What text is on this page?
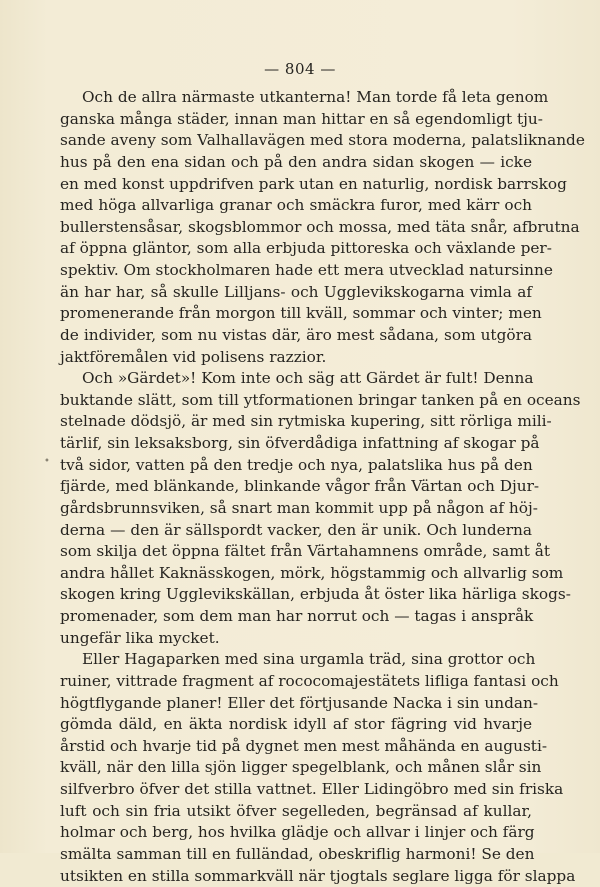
— 804 —
•
Och de allra närmaste utkanterna! Man torde få leta genom
ganska många städer, innan man hittar en så egendomligt tju-
sande aveny som Valhallavägen med stora moderna, palatsliknande
hus på den ena sidan och på den andra sidan skogen — icke
en med konst uppdrifven park utan en naturlig, nordisk barrskog
med höga allvarliga granar och smäckra furor, med kärr och
bullerstensåsar, skogsblommor och mossa, med täta snår, afbrutna
af öppna gläntor, som alla erbjuda pittoreska och växlande per-
spektiv. Om stockholmaren hade ett mera utvecklad natursinne
än har har, så skulle Lilljans- och Ugglevikskogarna vimla af
promenerande från morgon till kväll, sommar och vinter; men
de individer, som nu vistas där, äro mest sådana, som utgöra
jaktföremålen vid polisens razzior.
Och »Gärdet»! Kom inte och säg att Gärdet är fult! Denna
buktande slätt, som till ytformationen bringar tanken på en oceans
stelnade dödsjö, är med sin rytmiska kupering, sitt rörliga mili-
tärlif, sin leksaksborg, sin öfverdådiga infattning af skogar på
två sidor, vatten på den tredje och nya, palatslika hus på den
fjärde, med blänkande, blinkande vågor från Värtan och Djur-
gårdsbrunnsviken, så snart man kommit upp på någon af höj-
derna — den är sällspordt vacker, den är unik. Och lunderna
som skilja det öppna fältet från Värtahamnens område, samt åt
andra hållet Kaknässkogen, mörk, högstammig och allvarlig som
skogen kring Ugglevikskällan, erbjuda åt öster lika härliga skogs-
promenader, som dem man har norrut och — tagas i anspråk
ungefär lika mycket.
Eller Hagaparken med sina urgamla träd, sina grottor och
ruiner, vittrade fragment af rococomajestätets lifliga fantasi och
högtflygande planer! Eller det förtjusande Nacka i sin undan-
gömda däld, en äkta nordisk idyll af stor fägring vid hvarje
årstid och hvarje tid på dygnet men mest måhända en augusti-
kväll, när den lilla sjön ligger spegelblank, och månen slår sin
silfverbro öfver det stilla vattnet. Eller Lidingöbro med sin friska
luft och sin fria utsikt öfver segelleden, begränsad af kullar,
holmar och berg, hos hvilka glädje och allvar i linjer och färg
smälta samman till en fulländad, obeskriflig harmoni! Se den
utsikten en stilla sommarkväll när tjogtals seglare ligga för slappa
